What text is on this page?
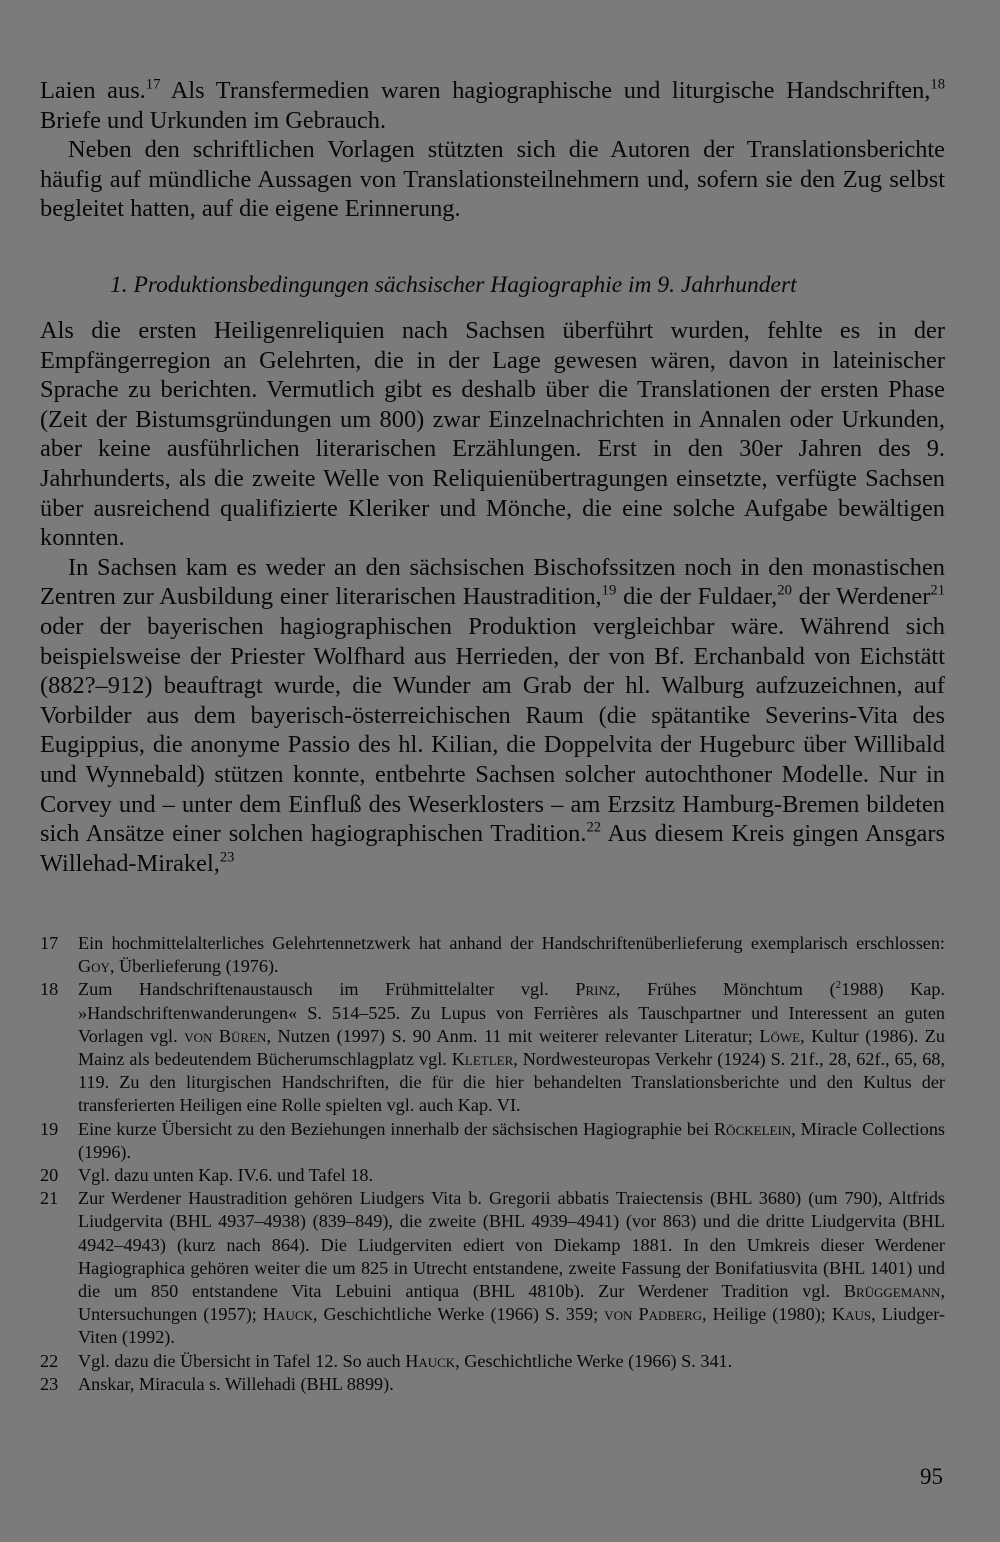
Laien aus.$^{17}$ Als Transfermedien waren hagiographische und liturgische Handschriften,$^{18}$ Briefe und Urkunden im Gebrauch.

Neben den schriftlichen Vorlagen stützten sich die Autoren der Translationsberichte häufig auf mündliche Aussagen von Translationsteilnehmern und, sofern sie den Zug selbst begleitet hatten, auf die eigene Erinnerung.

1. Produktionsbedingungen sächsischer Hagiographie im 9. Jahrhundert

Als die ersten Heiligenreliquien nach Sachsen überführt wurden, fehlte es in der Empfängerregion an Gelehrten, die in der Lage gewesen wären, davon in lateinischer Sprache zu berichten. Vermutlich gibt es deshalb über die Translationen der ersten Phase (Zeit der Bistumsgründungen um 800) zwar Einzelnachrichten in Annalen oder Urkunden, aber keine ausführlichen literarischen Erzählungen. Erst in den 30er Jahren des 9. Jahrhunderts, als die zweite Welle von Reliquienübertragungen einsetzte, verfügte Sachsen über ausreichend qualifizierte Kleriker und Mönche, die eine solche Aufgabe bewältigen konnten.

In Sachsen kam es weder an den sächsischen Bischofssitzen noch in den monastischen Zentren zur Ausbildung einer literarischen Haustradition,$^{19}$ die der Fuldaer,$^{20}$ der Werdener$^{21}$ oder der bayerischen hagiographischen Produktion vergleichbar wäre. Während sich beispielsweise der Priester Wolfhard aus Herrieden, der von Bf. Erchanbald von Eichstätt (882?–912) beauftragt wurde, die Wunder am Grab der hl. Walburg aufzuzeichnen, auf Vorbilder aus dem bayerisch-österreichischen Raum (die spätantike Severins-Vita des Eugippius, die anonyme Passio des hl. Kilian, die Doppelvita der Hugeburc über Willibald und Wynnebald) stützen konnte, entbehrte Sachsen solcher autochthoner Modelle. Nur in Corvey und – unter dem Einfluß des Weserklosters – am Erzsitz Hamburg-Bremen bildeten sich Ansätze einer solchen hagiographischen Tradition.$^{22}$ Aus diesem Kreis gingen Ansgars Willehad-Mirakel,$^{23}$

17	Ein hochmittelalterliches Gelehrtennetzwerk hat anhand der Handschriftenüberlieferung exemplarisch erschlossen: Goy, Überlieferung (1976).
18	Zum Handschriftenaustausch im Frühmittelalter vgl. Prinz, Frühes Mönchtum ($^2$1988) Kap. »Handschriftenwanderungen« S. 514–525. Zu Lupus von Ferrières als Tauschpartner und Interessent an guten Vorlagen vgl. von Büren, Nutzen (1997) S. 90 Anm. 11 mit weiterer relevanter Literatur; Löwe, Kultur (1986). Zu Mainz als bedeutendem Bücherumschlagplatz vgl. Kletler, Nordwesteuropas Verkehr (1924) S. 21f., 28, 62f., 65, 68, 119. Zu den liturgischen Handschriften, die für die hier behandelten Translationsberichte und den Kultus der transferierten Heiligen eine Rolle spielten vgl. auch Kap. VI.
19	Eine kurze Übersicht zu den Beziehungen innerhalb der sächsischen Hagiographie bei Röckelein, Miracle Collections (1996).
20	Vgl. dazu unten Kap. IV.6. und Tafel 18.
21	Zur Werdener Haustradition gehören Liudgers Vita b. Gregorii abbatis Traiectensis (BHL 3680) (um 790), Altfrids Liudgervita (BHL 4937–4938) (839–849), die zweite (BHL 4939–4941) (vor 863) und die dritte Liudgervita (BHL 4942–4943) (kurz nach 864). Die Liudgerviten ediert von Diekamp 1881. In den Umkreis dieser Werdener Hagiographica gehören weiter die um 825 in Utrecht entstandene, zweite Fassung der Bonifatiusvita (BHL 1401) und die um 850 entstandene Vita Lebuini antiqua (BHL 4810b). Zur Werdener Tradition vgl. Brüggemann, Untersuchungen (1957); Hauck, Geschichtliche Werke (1966) S. 359; von Padberg, Heilige (1980); Kaus, Liudger-Viten (1992).
22	Vgl. dazu die Übersicht in Tafel 12. So auch Hauck, Geschichtliche Werke (1966) S. 341.
23	Anskar, Miracula s. Willehadi (BHL 8899).
95
